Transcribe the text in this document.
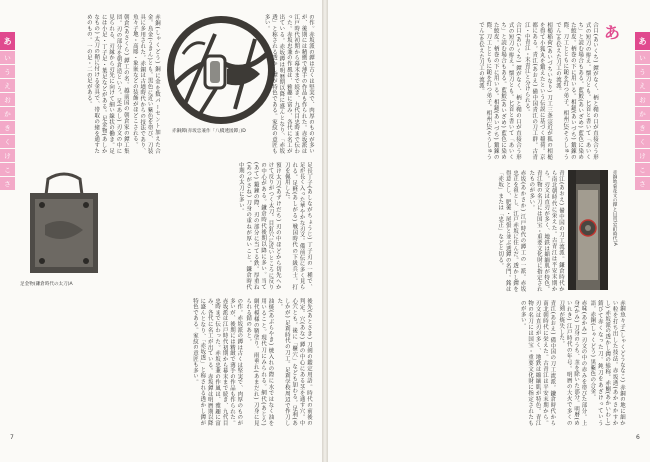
赤銅鐔(赤坂忠兼作「八橋透図鐔」)D
足金物(鎌倉時代の太刀)A

の作。赤坂派の鐔は古くは堅実で、肉厚のものが多いが、後期には精緻で薄手の作品も作られた。赤坂派は江戸時代初期から幕末まで続き、九代目忠時まで伝わった。赤坂忠兼の作風は、雅趣に富み、各代に名工が出ている。赤坂鐔は明暦期以降に盛んとなり、「赤坂透」と称される透かし鐔が特色である。家紋の意匠も多い。

赤銅(しゃくどう) 銅に金を数パーセント加えた合金。烏金(うきん)とも。黒色に近い紫色を帯び、刀装具に多用された。赤銅は古墳時代からの技法であり、魚々子地・高彫・象嵌などの装飾がほどこされる。

朝倉(あさくら) 鐔工の名。越前国の朝倉家の鐔工集団。刃の部分を朝倉造という。足(あし) 刃文の中に見られる、刃縁から刃先に向けて細い線状の働き。足には小足・丁子足・葉足などがある。足金物(あしかなもの) 太刀の鞘に付ける金具で、帯取の緒を通すためのもの。一の足・二の足がある。

足長丁子(あしながちょうじ) 丁子刃の一種で、足が長く入った華やかな刃文。備前伝に多く見られる。足軽(あしがる) 戦国時代の下級兵士。打刀を佩用した。

預け太刀(あずけだち) 刃の中ほどから切先へかけて反りがつく太刀。目釘穴に近いところに反りの中心がある。鎌倉時代後期以降に多い。当て(あて) 鍛錬の際、刃の部分に当てる鉄。厚重ね(あつがさね) 刀身の重ねが厚いこと。鎌倉時代中期の太刀に多い。

後先(あとさき) 刀剣の鑑定用語。時代の前後の判定。穴(あな) 鐔の中心にある茎を通す穴。中心穴とも。後に「櫃穴」なども加わる。足利(あしかが) 足利時代の刀工。足利学校周辺で作刀した。

油焼(あぶらやき) 焼入れの際に水ではなく油を用いること。現代刀にみられる。網代(あじろ) 網代模様の鞘塗り。雨垂れ(あまだれ) 刀身に見られる錆のあと。

の作。赤坂派の鐔は古くは堅実で、肉厚のものが多いが、後期には精緻で薄手の作品も作られた。赤坂派は江戸時代初期から幕末まで続き、九代目忠時まで伝わった。赤坂忠兼の作風は、雅趣に富み、各代に名工が出ている。赤坂鐔は明暦期以降に盛んとなり、「赤坂透」と称される透かし鐔が特色である。家紋の意匠も多い。

7
あ
赤銅地菊花文の鐔と目貫(室町時代)A

合口(あいくち) 鐔がなく、柄と鞘の口が直接合う形式の短刀の拵え。懐刀とも。匕首と書いて「あいくち」と読む場合もある。藍鮫(あいざめ) 藍色に染めた鮫皮。柄巻の下に用いる。相鎚(あいづち) 鍛錬の際、刀工とともに鎚を打つ弟子。相州伝(そうしゅうでん)を伝えた刀工の流派。

相槌稲荷(あいづちいなり) 刀工三条宗近が狐の相槌を得て小狐丸を鍛えたという伝説に基づく稲荷。京都にある。青江(あおえ) 備中国青江の刀工群。古青江・中青江・末青江と分けられる。

合口(あいくち) 鐔がなく、柄と鞘の口が直接合う形式の短刀の拵え。懐刀とも。匕首と書いて「あいくち」と読む場合もある。藍鮫(あいざめ) 藍色に染めた鮫皮。柄巻の下に用いる。相鎚(あいづち) 鍛錬の際、刀工とともに鎚を打つ弟子。相州伝(そうしゅうでん)を伝えた刀工の流派。

青江(あおえ) 備中国の刀工流派。鎌倉時代から南北朝時代に栄えた。古青江は平安末期から。刃文は直刃が多く、地鉄は縮緬肌が特色。青江物の名刀には国宝・重要文化財に指定されたものが多い。

赤坂(あかさか) 江戸時代の鐔工の一派。赤坂忠正を祖とし、江戸赤坂に住んだ。透かし鐔を得意とし、肥後・尾張と並ぶ透鐔の名門。銘は「赤坂」または「忠正」などと切る。

赤銅魚々子(しゃくどうななこ) 赤銅の地に細かい粒を打ち出した技法。赤坂透(あかさかすかし) 赤坂派の透かし鐔の総称。赤鰯(あかいわし) 錆びて赤くなった刀。鈍刀をあざけっていう語。赤銅(しゃくどう) 黒紫色の合金。

赤味(あかみ) 刃文の中の赤みを帯びた部分。上身(かみ) 刀身のうち、茎を除いた部分。明暦(めいれき) 江戸時代の年号。明暦の大火で多くの刀剣が焼失した。

青江(あおえ) 備中国の刀工流派。鎌倉時代から南北朝時代に栄えた。古青江は平安末期から。刃文は直刃が多く、地鉄は縮緬肌が特色。青江物の名刀には国宝・重要文化財に指定されたものが多い。

6
あ
い
う
え
お
か
き
く
け
こ
さ
あ
い
う
え
お
か
き
く
け
こ
さ
